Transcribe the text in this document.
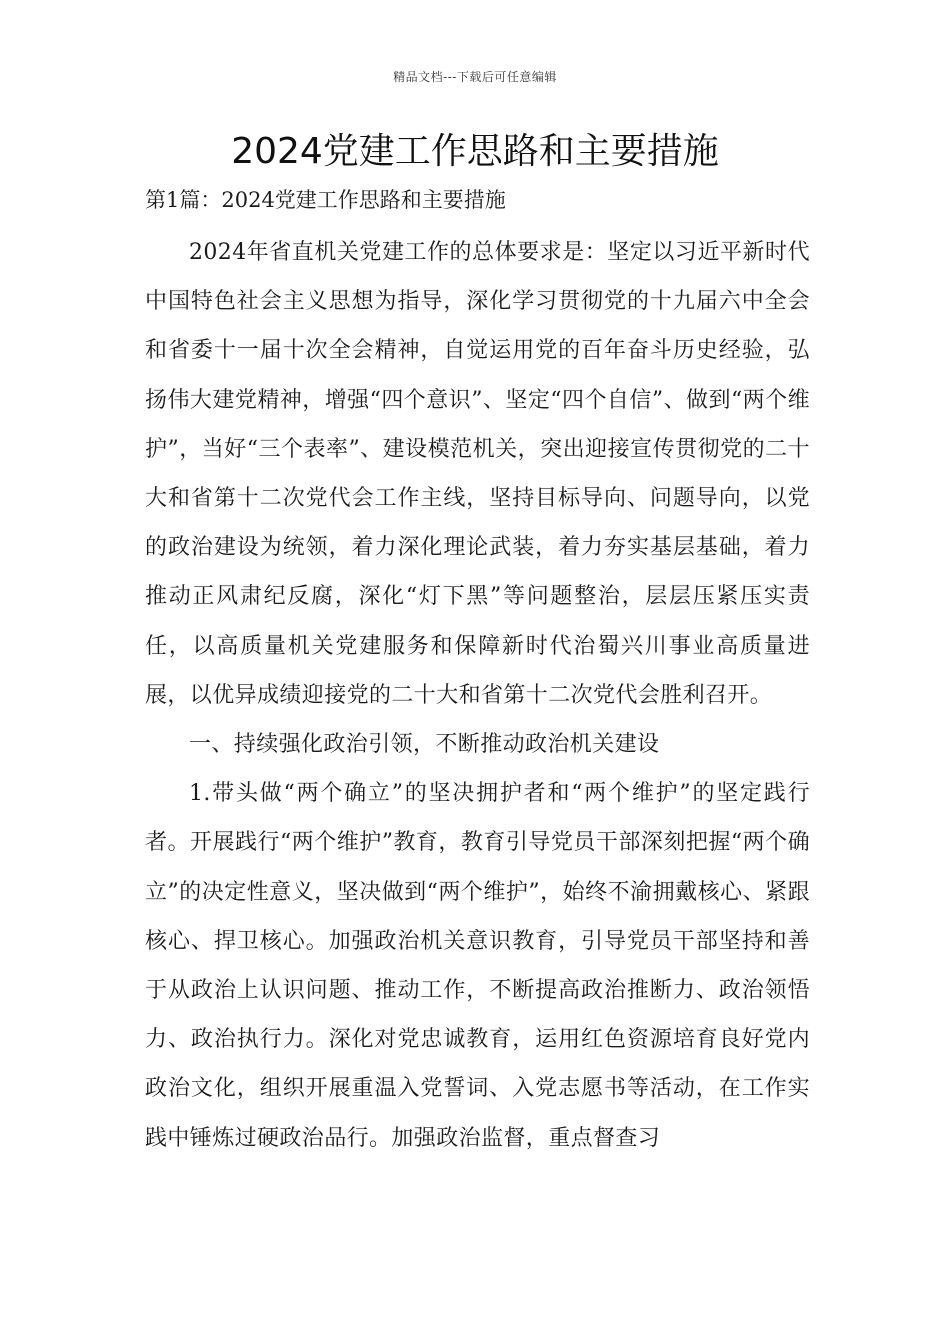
精品文档---下载后可任意编辑
2024党建工作思路和主要措施
第1篇：2024党建工作思路和主要措施

2024年省直机关党建工作的总体要求是：坚定以习近平新时代中国特色社会主义思想为指导，深化学习贯彻党的十九届六中全会和省委十一届十次全会精神，自觉运用党的百年奋斗历史经验，弘扬伟大建党精神，增强“四个意识”、坚定“四个自信”、做到“两个维护”，当好“三个表率”、建设模范机关，突出迎接宣传贯彻党的二十大和省第十二次党代会工作主线，坚持目标导向、问题导向，以党的政治建设为统领，着力深化理论武装，着力夯实基层基础，着力推动正风肃纪反腐，深化“灯下黑”等问题整治，层层压紧压实责任，以高质量机关党建服务和保障新时代治蜀兴川事业高质量进展，以优异成绩迎接党的二十大和省第十二次党代会胜利召开。

一、持续强化政治引领，不断推动政治机关建设

1.带头做“两个确立”的坚决拥护者和“两个维护”的坚定践行者。开展践行“两个维护”教育，教育引导党员干部深刻把握“两个确立”的决定性意义，坚决做到“两个维护”，始终不渝拥戴核心、紧跟核心、捍卫核心。加强政治机关意识教育，引导党员干部坚持和善于从政治上认识问题、推动工作，不断提高政治推断力、政治领悟力、政治执行力。深化对党忠诚教育，运用红色资源培育良好党内政治文化，组织开展重温入党誓词、入党志愿书等活动，在工作实践中锤炼过硬政治品行。加强政治监督，重点督查习
